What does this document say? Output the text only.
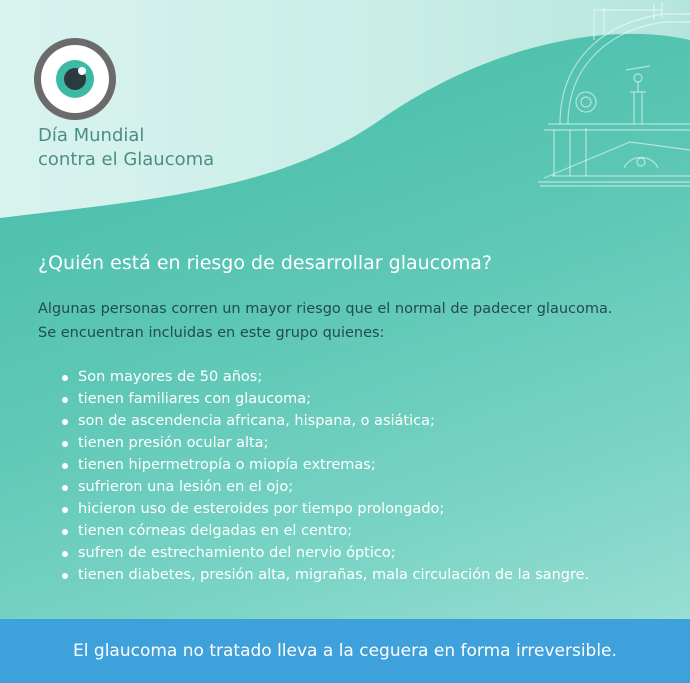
Día Mundial
contra el Glaucoma
¿Quién está en riesgo de desarrollar glaucoma?

Algunas personas corren un mayor riesgo que el normal de padecer glaucoma.
Se encuentran incluidas en este grupo quienes:

Son mayores de 50 años;
tienen familiares con glaucoma;
son de ascendencia africana, hispana, o asiática;
tienen presión ocular alta;
tienen hipermetropía o miopía extremas;
sufrieron una lesión en el ojo;
hicieron uso de esteroides por tiempo prolongado;
tienen córneas delgadas en el centro;
sufren de estrechamiento del nervio óptico;
tienen diabetes, presión alta, migrañas, mala circulación de la sangre.
El glaucoma no tratado lleva a la ceguera en forma irreversible.
